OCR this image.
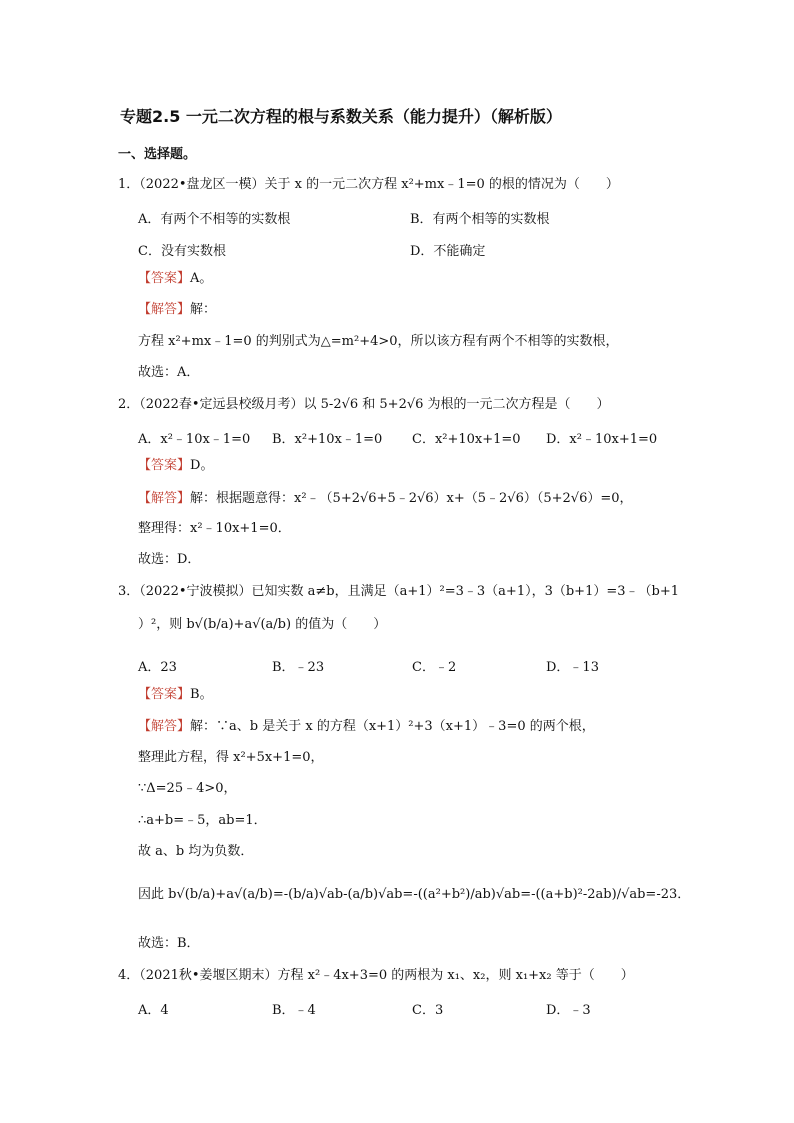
专题2.5 一元二次方程的根与系数关系（能力提升）（解析版）
一、选择题。
1．（2022•盘龙区一模）关于 x 的一元二次方程 x²+mx﹣1=0 的根的情况为（　　）
A．有两个不相等的实数根	B．有两个相等的实数根
C．没有实数根	D．不能确定
【答案】A。
【解答】解：
方程 x²+mx﹣1=0 的判别式为△=m²+4>0，所以该方程有两个不相等的实数根，
故选：A．
2．（2022春•定远县校级月考）以 5-2√6 和 5+2√6 为根的一元二次方程是（　　）
A．x²﹣10x﹣1=0 B．x²+10x﹣1=0 C．x²+10x+1=0 D．x²﹣10x+1=0
【答案】D。
【解答】解：根据题意得：x²﹣（5+2√6+5﹣2√6）x+（5﹣2√6）（5+2√6）=0，
整理得：x²﹣10x+1=0．
故选：D．
3．（2022•宁波模拟）已知实数 a≠b，且满足（a+1）²=3﹣3（a+1），3（b+1）=3﹣（b+1
）²，则 b√(b/a)+a√(a/b) 的值为（　　）
A．23	B．﹣23	C．﹣2	D．﹣13
【答案】B。
【解答】解：∵a、b 是关于 x 的方程（x+1）²+3（x+1）﹣3=0 的两个根，
整理此方程，得 x²+5x+1=0，
∵Δ=25﹣4>0，
∴a+b=﹣5，ab=1．
故 a、b 均为负数．
因此 b√(b/a)+a√(a/b)=-(b/a)√ab-(a/b)√ab=-((a²+b²)/ab)√ab=-((a+b)²-2ab)/√ab=-23．
故选：B．
4．（2021秋•姜堰区期末）方程 x²﹣4x+3=0 的两根为 x₁、x₂，则 x₁+x₂ 等于（　　）
A．4	B．﹣4	C．3	D．﹣3
